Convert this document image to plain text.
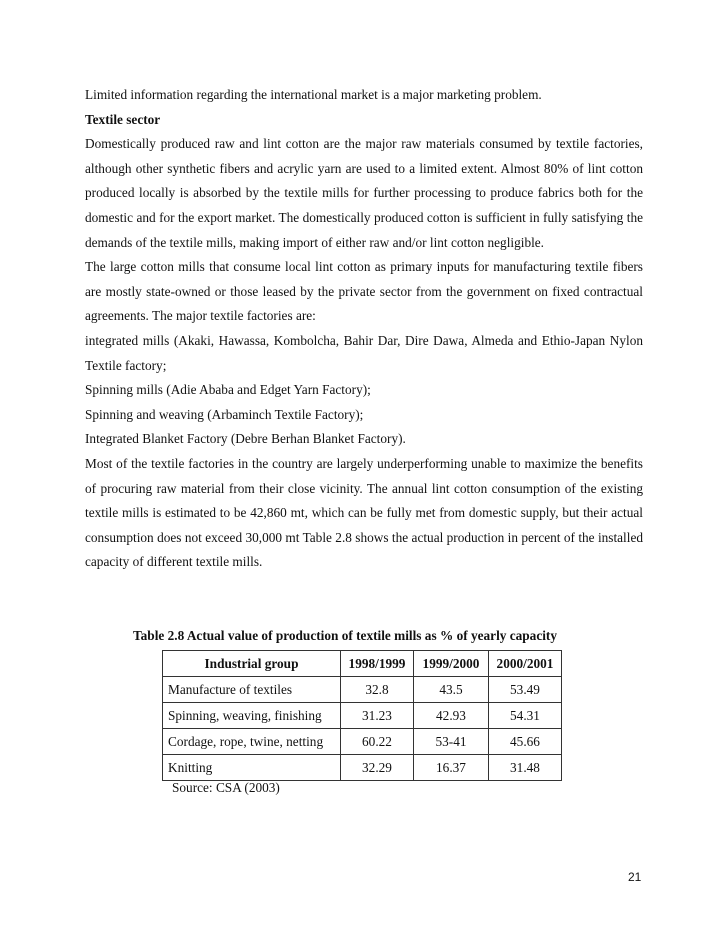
Limited information regarding the international market is a major marketing problem.

Textile sector

Domestically produced raw and lint cotton are the major raw materials consumed by textile factories, although other synthetic fibers and acrylic yarn are used to a limited extent. Almost 80% of lint cotton produced locally is absorbed by the textile mills for further processing to produce fabrics both for the domestic and for the export market. The domestically produced cotton is sufficient in fully satisfying the demands of the textile mills, making import of either raw and/or lint cotton negligible.

The large cotton mills that consume local lint cotton as primary inputs for manufacturing textile fibers are mostly state-owned or those leased by the private sector from the government on fixed contractual agreements. The major textile factories are:

integrated mills (Akaki, Hawassa, Kombolcha, Bahir Dar, Dire Dawa, Almeda and Ethio-Japan Nylon Textile factory;

Spinning mills (Adie Ababa and Edget Yarn Factory);

Spinning and weaving (Arbaminch Textile Factory);

Integrated Blanket Factory (Debre Berhan Blanket Factory).

Most of the textile factories in the country are largely underperforming unable to maximize the benefits of procuring raw material from their close vicinity. The annual lint cotton consumption of the existing textile mills is estimated to be 42,860 mt, which can be fully met from domestic supply, but their actual consumption does not exceed 30,000 mt Table 2.8 shows the actual production in percent of the installed capacity of different textile mills.

Table 2.8 Actual value of production of textile mills as % of yearly capacity
Industrial group	1998/1999	1999/2000	2000/2001
Manufacture of textiles	32.8	43.5	53.49
Spinning, weaving, finishing	31.23	42.93	54.31
Cordage, rope, twine, netting	60.22	53-41	45.66
Knitting	32.29	16.37	31.48
Source: CSA (2003)
21
